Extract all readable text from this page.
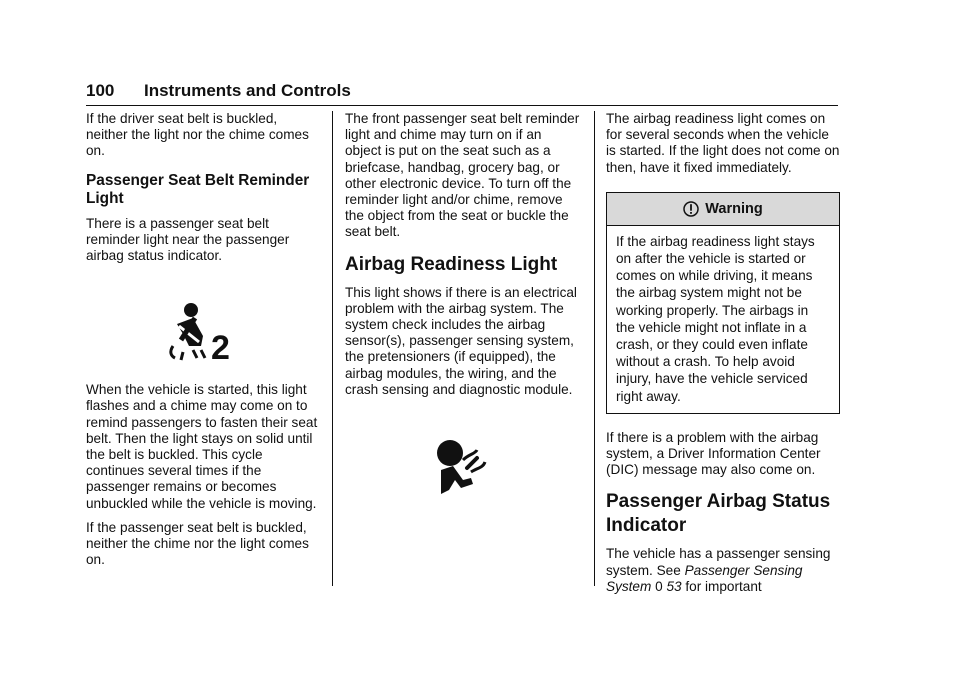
100 Instruments and Controls

If the driver seat belt is buckled, neither the light nor the chime comes on.

Passenger Seat Belt Reminder Light

There is a passenger seat belt reminder light near the passenger airbag status indicator.

2

When the vehicle is started, this light flashes and a chime may come on to remind passengers to fasten their seat belt. Then the light stays on solid until the belt is buckled. This cycle continues several times if the passenger remains or becomes unbuckled while the vehicle is moving.

If the passenger seat belt is buckled, neither the chime nor the light comes on.

The front passenger seat belt reminder light and chime may turn on if an object is put on the seat such as a briefcase, handbag, grocery bag, or other electronic device. To turn off the reminder light and/or chime, remove the object from the seat or buckle the seat belt.

Airbag Readiness Light

This light shows if there is an electrical problem with the airbag system. The system check includes the airbag sensor(s), passenger sensing system, the pretensioners (if equipped), the airbag modules, the wiring, and the crash sensing and diagnostic module.

The airbag readiness light comes on for several seconds when the vehicle is started. If the light does not come on then, have it fixed immediately.

Warning
If the airbag readiness light stays on after the vehicle is started or comes on while driving, it means the airbag system might not be working properly. The airbags in the vehicle might not inflate in a crash, or they could even inflate without a crash. To help avoid injury, have the vehicle serviced right away.

If there is a problem with the airbag system, a Driver Information Center (DIC) message may also come on.

Passenger Airbag Status Indicator

The vehicle has a passenger sensing system. See Passenger Sensing System 0 53 for important
